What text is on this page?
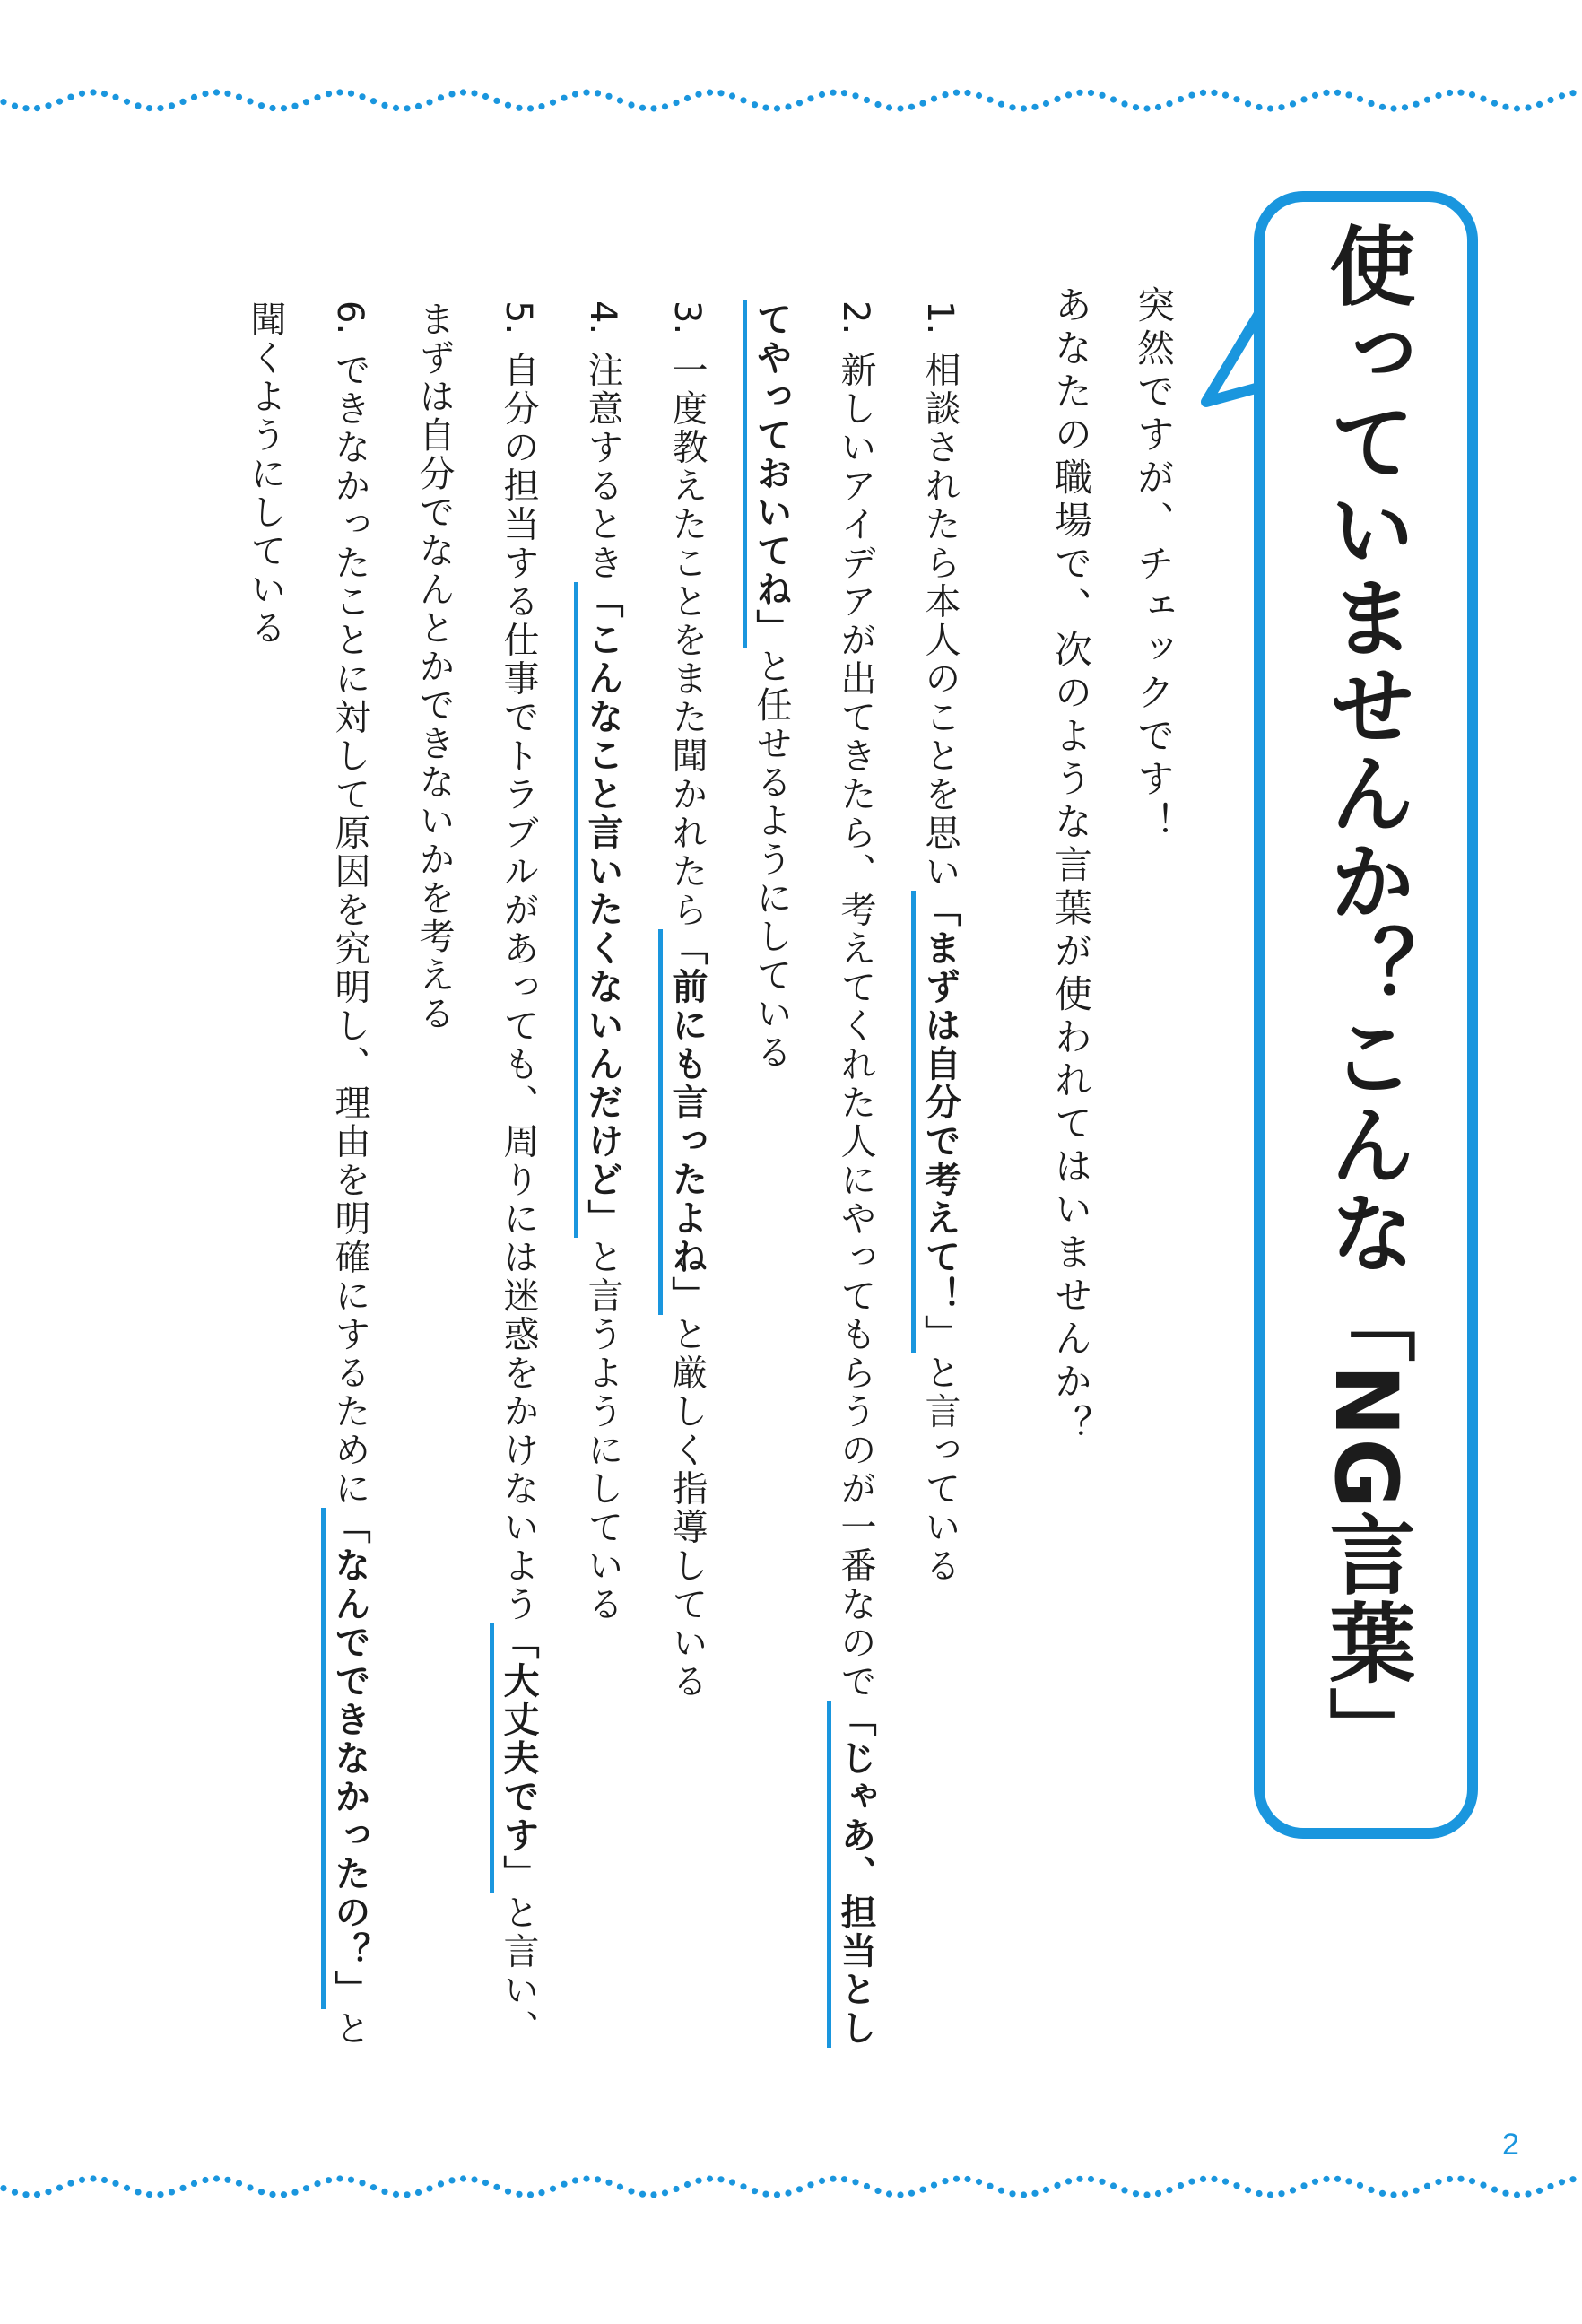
使っていませんか？こんな「NG言葉」
突然ですが、チェックです！
あなたの職場で、次のような言葉が使われてはいませんか？
1.相談されたら本人のことを思い「まずは自分で考えて！」と言っている
2.新しいアイデアが出てきたら、考えてくれた人にやってもらうのが一番なので「じゃあ、担当としてやっておいてね」と任せるようにしている
3.一度教えたことをまた聞かれたら「前にも言ったよね」と厳しく指導している
4.注意するとき「こんなこと言いたくないんだけど」と言うようにしている
5.自分の担当する仕事でトラブルがあっても、周りには迷惑をかけないよう「大丈夫です」と言い、まずは自分でなんとかできないかを考える
6.できなかったことに対して原因を究明し、理由を明確にするために「なんでできなかったの？」と聞くようにしている
2
